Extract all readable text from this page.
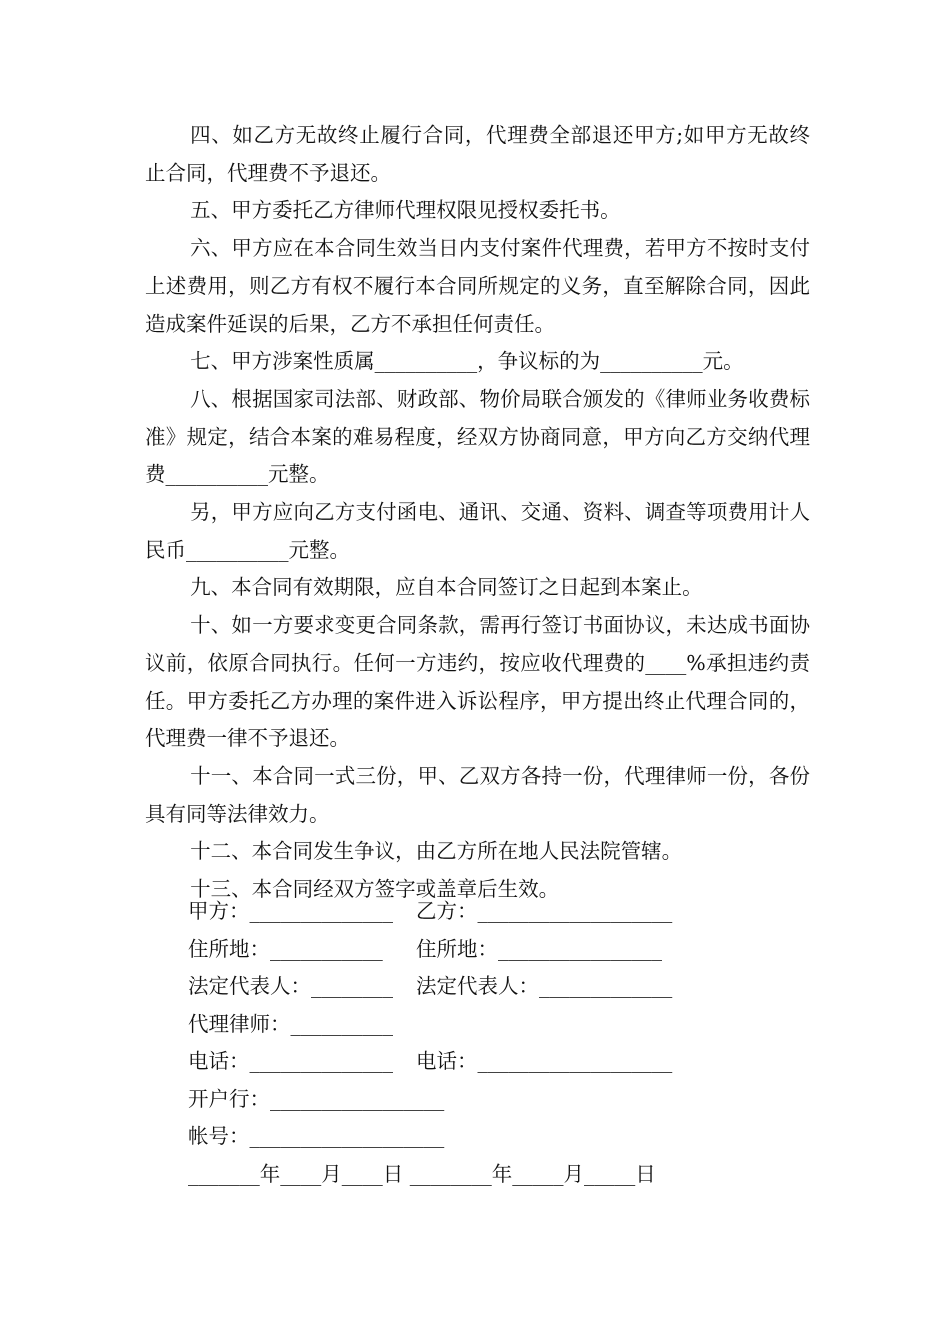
四、如乙方无故终止履行合同，代理费全部退还甲方;如甲方无故终止合同，代理费不予退还。

五、甲方委托乙方律师代理权限见授权委托书。

六、甲方应在本合同生效当日内支付案件代理费，若甲方不按时支付上述费用，则乙方有权不履行本合同所规定的义务，直至解除合同，因此造成案件延误的后果，乙方不承担任何责任。

七、甲方涉案性质属__________，争议标的为__________元。

八、根据国家司法部、财政部、物价局联合颁发的《律师业务收费标准》规定，结合本案的难易程度，经双方协商同意，甲方向乙方交纳代理费__________元整。

另，甲方应向乙方支付函电、通讯、交通、资料、调查等项费用计人民币__________元整。

九、本合同有效期限，应自本合同签订之日起到本案止。

十、如一方要求变更合同条款，需再行签订书面协议，未达成书面协议前，依原合同执行。任何一方违约，按应收代理费的____%承担违约责任。甲方委托乙方办理的案件进入诉讼程序，甲方提出终止代理合同的，代理费一律不予退还。

十一、本合同一式三份，甲、乙双方各持一份，代理律师一份，各份具有同等法律效力。

十二、本合同发生争议，由乙方所在地人民法院管辖。

十三、本合同经双方签字或盖章后生效。

甲方：______________ 乙方：___________________
住所地：___________ 住所地：________________
法定代表人：________ 法定代表人：_____________
代理律师：__________
电话：______________ 电话：___________________
开户行：_________________
帐号：___________________
_______年____月____日 ________年_____月_____日
